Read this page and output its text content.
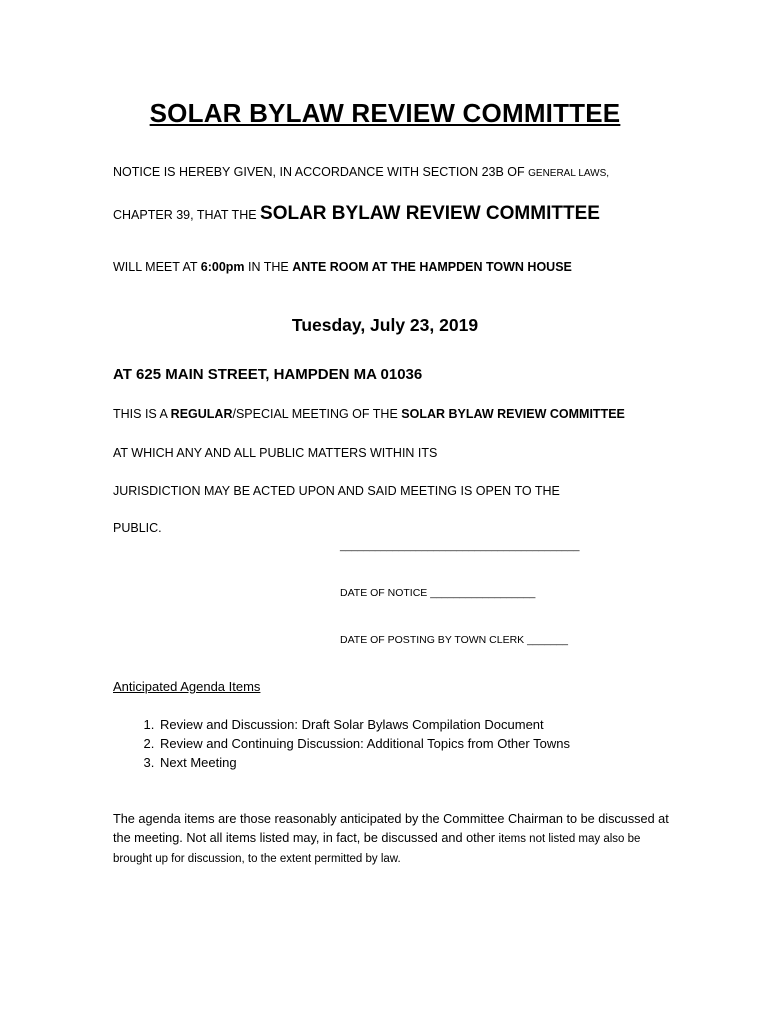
SOLAR BYLAW REVIEW COMMITTEE
NOTICE IS HEREBY GIVEN, IN ACCORDANCE WITH SECTION 23B OF GENERAL LAWS,
CHAPTER 39, THAT THE SOLAR BYLAW REVIEW COMMITTEE
WILL MEET AT 6:00pm IN THE ANTE ROOM AT THE HAMPDEN TOWN HOUSE
Tuesday, July 23, 2019
AT 625 MAIN STREET, HAMPDEN MA 01036
THIS IS A REGULAR/SPECIAL MEETING OF THE SOLAR BYLAW REVIEW COMMITTEE
AT WHICH ANY AND ALL PUBLIC MATTERS WITHIN ITS
JURISDICTION MAY BE ACTED UPON AND SAID MEETING IS OPEN TO THE
PUBLIC.
_________________________________________
DATE OF NOTICE __________________
DATE OF POSTING BY TOWN CLERK _______
Anticipated Agenda Items
1. Review and Discussion: Draft Solar Bylaws Compilation Document
2. Review and Continuing Discussion: Additional Topics from Other Towns
3. Next Meeting
The agenda items are those reasonably anticipated by the Committee Chairman to be discussed at the meeting. Not all items listed may, in fact, be discussed and other items not listed may also be brought up for discussion, to the extent permitted by law.
